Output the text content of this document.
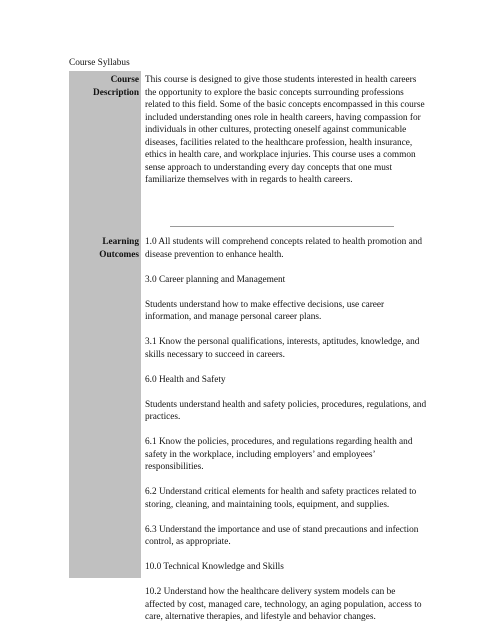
Course Syllabus
Course
Description
Learning
Outcomes
This course is designed to give those students interested in health careers the opportunity to explore the basic concepts surrounding professions related to this field. Some of the basic concepts encompassed in this course included understanding ones role in health careers, having compassion for individuals in other cultures, protecting oneself against communicable diseases, facilities related to the healthcare profession, health insurance, ethics in health care, and workplace injuries. This course uses a common sense approach to understanding every day concepts that one must familiarize themselves with in regards to health careers.

1.0 All students will comprehend concepts related to health promotion and disease prevention to enhance health.

3.0 Career planning and Management

Students understand how to make effective decisions, use career information, and manage personal career plans.

3.1 Know the personal qualifications, interests, aptitudes, knowledge, and skills necessary to succeed in careers.

6.0 Health and Safety

Students understand health and safety policies, procedures, regulations, and practices.

6.1 Know the policies, procedures, and regulations regarding health and safety in the workplace, including employers’ and employees’ responsibilities.

6.2 Understand critical elements for health and safety practices related to storing, cleaning, and maintaining tools, equipment, and supplies.

6.3 Understand the importance and use of stand precautions and infection control, as appropriate.

10.0 Technical Knowledge and Skills

10.2 Understand how the healthcare delivery system models can be affected by cost, managed care, technology, an aging population, access to care, alternative therapies, and lifestyle and behavior changes.
